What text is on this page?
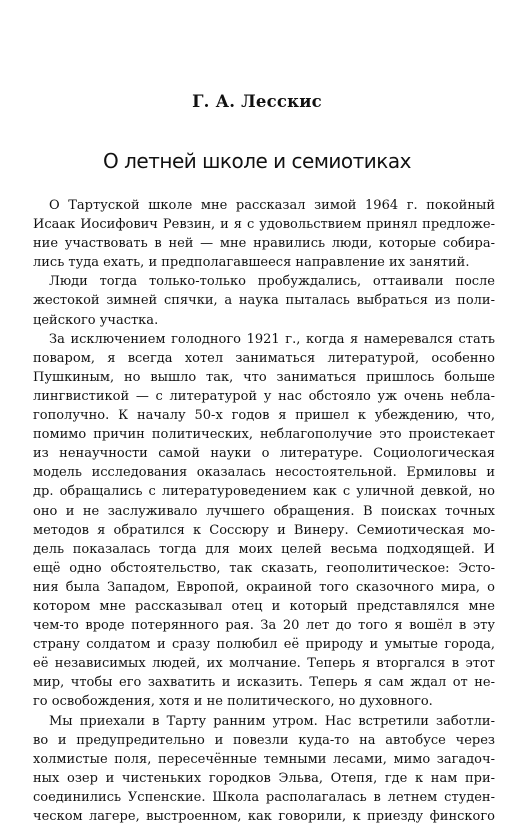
Г. А. Лесскис
О летней школе и семиотиках
О Тартуской школе мне рассказал зимой 1964 г. покойный
Исаак Иосифович Ревзин, и я с удовольствием принял предложе-
ние участвовать в ней — мне нравились люди, которые собира-
лись туда ехать, и предполагавшееся направление их занятий.
Люди тогда только-только пробуждались, оттаивали после
жестокой зимней спячки, а наука пыталась выбраться из поли-
цейского участка.
За исключением голодного 1921 г., когда я намеревался стать
поваром, я всегда хотел заниматься литературой, особенно
Пушкиным, но вышло так, что заниматься пришлось больше
лингвистикой — с литературой у нас обстояло уж очень небла-
гополучно. К началу 50-х годов я пришел к убеждению, что,
помимо причин политических, неблагополучие это проистекает
из ненаучности самой науки о литературе. Социологическая
модель исследования оказалась несостоятельной. Ермиловы и
др. обращались с литературоведением как с уличной девкой, но
оно и не заслуживало лучшего обращения. В поисках точных
методов я обратился к Соссюру и Винеру. Семиотическая мо-
дель показалась тогда для моих целей весьма подходящей. И
ещё одно обстоятельство, так сказать, геополитическое: Эсто-
ния была Западом, Европой, окраиной того сказочного мира, о
котором мне рассказывал отец и который представлялся мне
чем-то вроде потерянного рая. За 20 лет до того я вошёл в эту
страну солдатом и сразу полюбил её природу и умытые города,
её независимых людей, их молчание. Теперь я вторгался в этот
мир, чтобы его захватить и исказить. Теперь я сам ждал от не-
го освобождения, хотя и не политического, но духовного.
Мы приехали в Тарту ранним утром. Нас встретили заботли-
во и предупредительно и повезли куда-то на автобусе через
холмистые поля, пересечённые темными лесами, мимо загадоч-
ных озер и чистеньких городков Эльва, Отепя, где к нам при-
соединились Успенские. Школа располагалась в летнем студен-
ческом лагере, выстроенном, как говорили, к приезду финского
